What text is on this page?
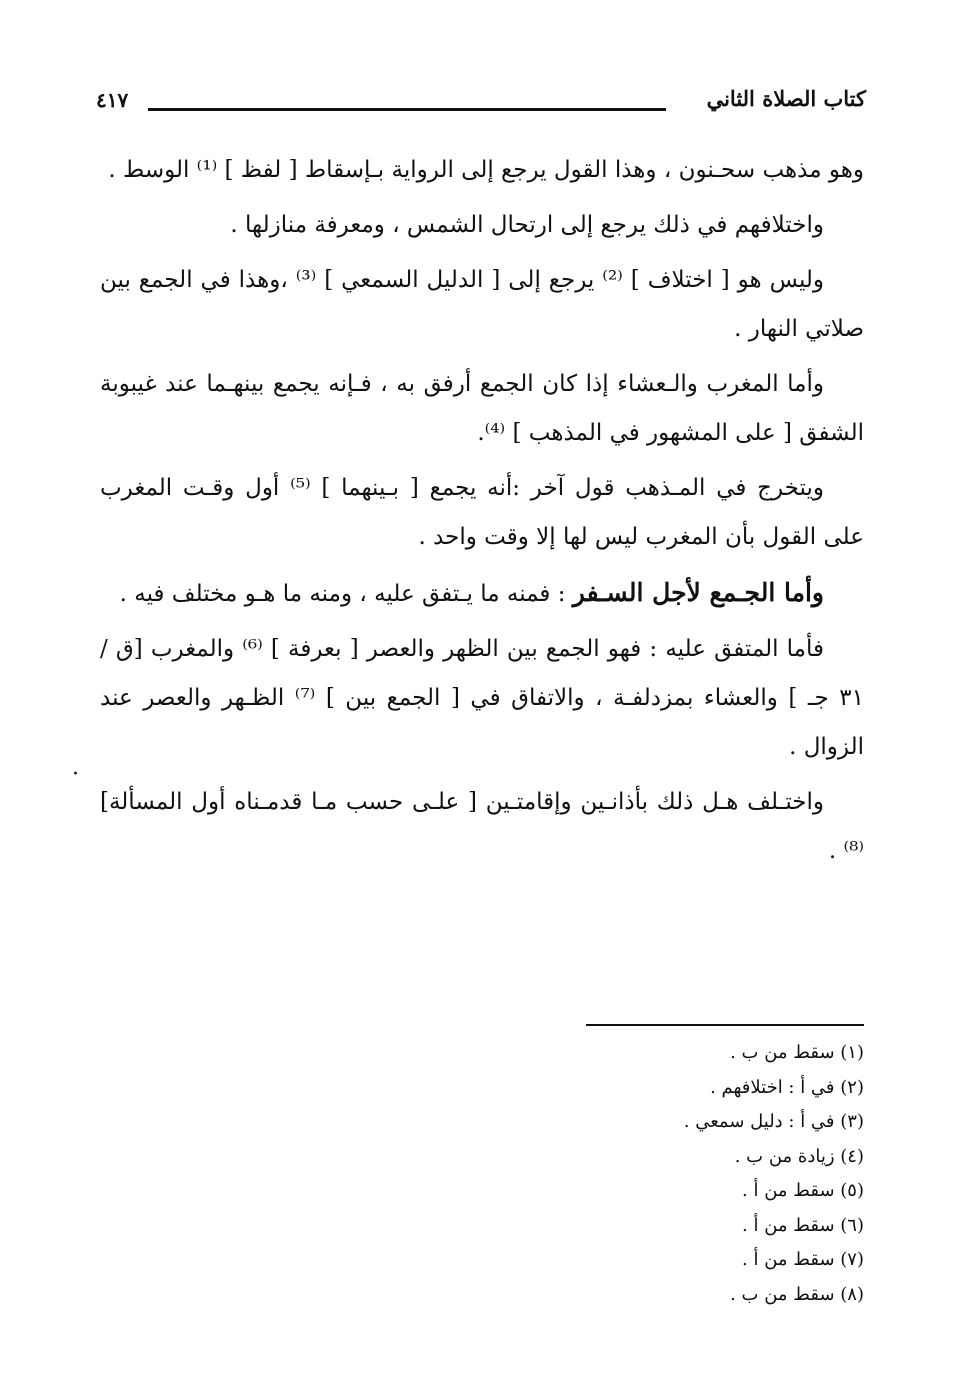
كتاب الصلاة الثاني
٤١٧

وهو مذهب سحـنون ، وهذا القول يرجع إلى الرواية بـإسقاط [ لفظ ] ⁽¹⁾ الوسط .

واختلافهم في ذلك يرجع إلى ارتحال الشمس ، ومعرفة منازلها .

وليس هو [ اختلاف ] ⁽²⁾ يرجع إلى [ الدليل السمعي ] ⁽³⁾ ،وهذا في الجمع بين صلاتي النهار .

وأما المغرب والـعشاء إذا كان الجمع أرفق به ، فـإنه يجمع بينهـما عند غيبوبة الشفق [ على المشهور في المذهب ] ⁽⁴⁾.

ويتخرج في المـذهب قول آخر :أنه يجمع [ بـينهما ] ⁽⁵⁾ أول وقـت المغرب على القول بأن المغرب ليس لها إلا وقت واحد .

وأما الجـمع لأجل السـفر : فمنه ما يـتفق عليه ، ومنه ما هـو مختلف فيه .

فأما المتفق عليه : فهو الجمع بين الظهر والعصر [ بعرفة ] ⁽⁶⁾ والمغرب [ق / ٣١ جـ ] والعشاء بمزدلفـة ، والاتفاق في [ الجمع بين ] ⁽⁷⁾ الظـهر والعصر عند الزوال .

واختـلف هـل ذلك بأذانـين وإقامتـين [ علـى حسب مـا قدمـناه أول المسألة]⁽⁸⁾ .

·
(١) سقط من ب .
(٢) في أ : اختلافهم .
(٣) في أ : دليل سمعي .
(٤) زيادة من ب .
(٥) سقط من أ .
(٦) سقط من أ .
(٧) سقط من أ .
(٨) سقط من ب .
